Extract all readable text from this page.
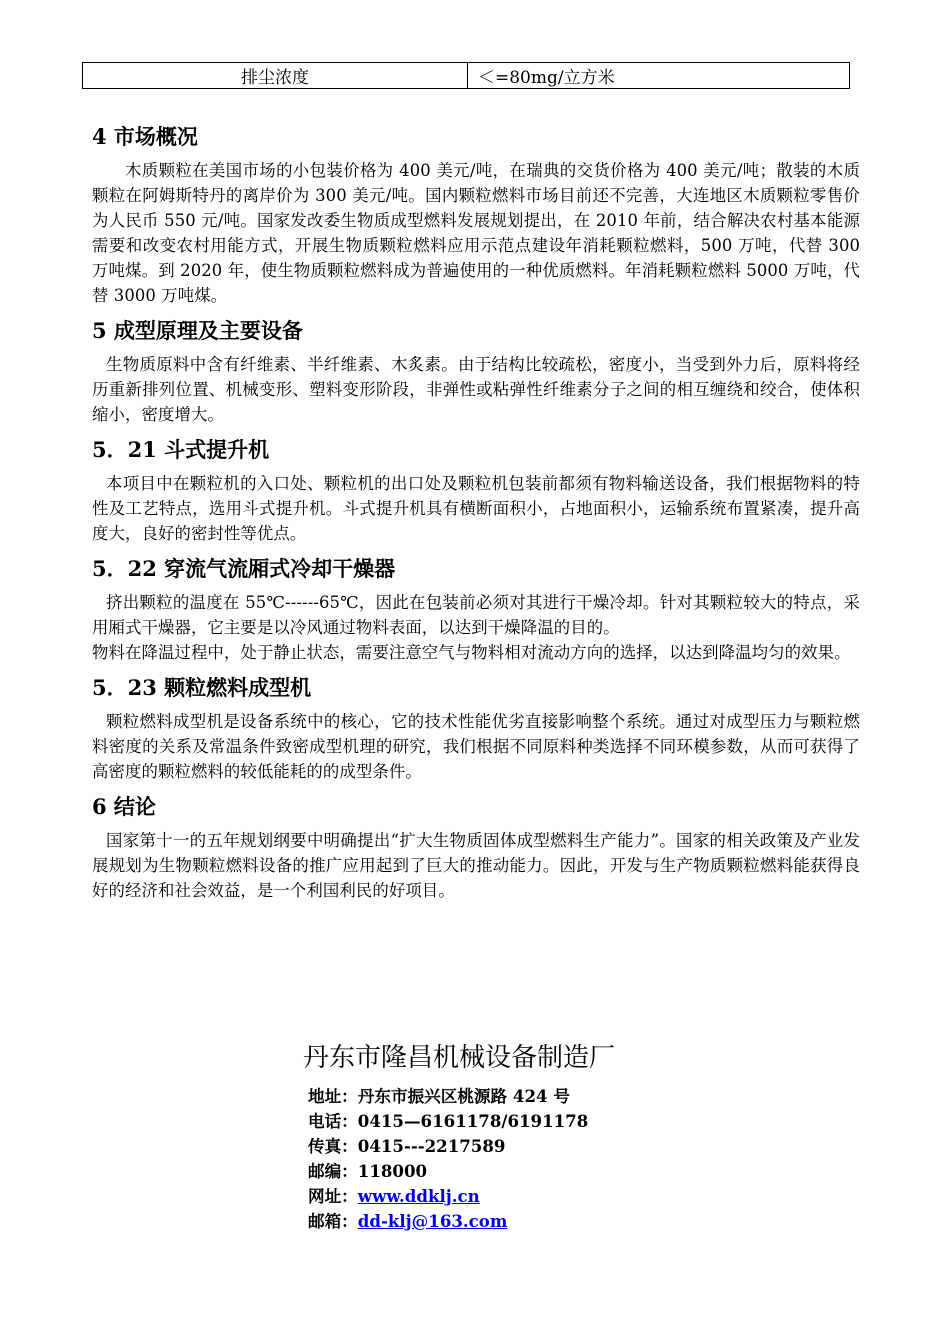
排尘浓度	＜=80mg/立方米
4 市场概况

木质颗粒在美国市场的小包装价格为 400 美元/吨，在瑞典的交货价格为 400 美元/吨；散装的木质颗粒在阿姆斯特丹的离岸价为 300 美元/吨。国内颗粒燃料市场目前还不完善，大连地区木质颗粒零售价为人民币 550 元/吨。国家发改委生物质成型燃料发展规划提出，在 2010 年前，结合解决农村基本能源需要和改变农村用能方式，开展生物质颗粒燃料应用示范点建设年消耗颗粒燃料，500 万吨，代替 300 万吨煤。到 2020 年，使生物质颗粒燃料成为普遍使用的一种优质燃料。年消耗颗粒燃料 5000 万吨，代替 3000 万吨煤。

5 成型原理及主要设备

生物质原料中含有纤维素、半纤维素、木炙素。由于结构比较疏松，密度小，当受到外力后，原料将经历重新排列位置、机械变形、塑料变形阶段，非弹性或粘弹性纤维素分子之间的相互缠绕和绞合，使体积缩小，密度增大。

5．21 斗式提升机

本项目中在颗粒机的入口处、颗粒机的出口处及颗粒机包装前都须有物料输送设备，我们根据物料的特性及工艺特点，选用斗式提升机。斗式提升机具有横断面积小，占地面积小，运输系统布置紧凑，提升高度大，良好的密封性等优点。

5．22 穿流气流厢式冷却干燥器

挤出颗粒的温度在 55℃------65℃，因此在包装前必须对其进行干燥冷却。针对其颗粒较大的特点，采用厢式干燥器，它主要是以冷风通过物料表面，以达到干燥降温的目的。

物料在降温过程中，处于静止状态，需要注意空气与物料相对流动方向的选择，以达到降温均匀的效果。

5．23 颗粒燃料成型机

颗粒燃料成型机是设备系统中的核心，它的技术性能优劣直接影响整个系统。通过对成型压力与颗粒燃料密度的关系及常温条件致密成型机理的研究，我们根据不同原料种类选择不同环模参数，从而可获得了高密度的颗粒燃料的较低能耗的的成型条件。

6 结论

国家第十一的五年规划纲要中明确提出“扩大生物质固体成型燃料生产能力”。国家的相关政策及产业发展规划为生物颗粒燃料设备的推广应用起到了巨大的推动能力。因此，开发与生产物质颗粒燃料能获得良好的经济和社会效益，是一个利国利民的好项目。

丹东市隆昌机械设备制造厂
地址：丹东市振兴区桃源路 424 号
电话：0415—6161178/6191178
传真：0415---2217589
邮编：118000
网址：www.ddklj.cn
邮箱：dd-klj@163.com
